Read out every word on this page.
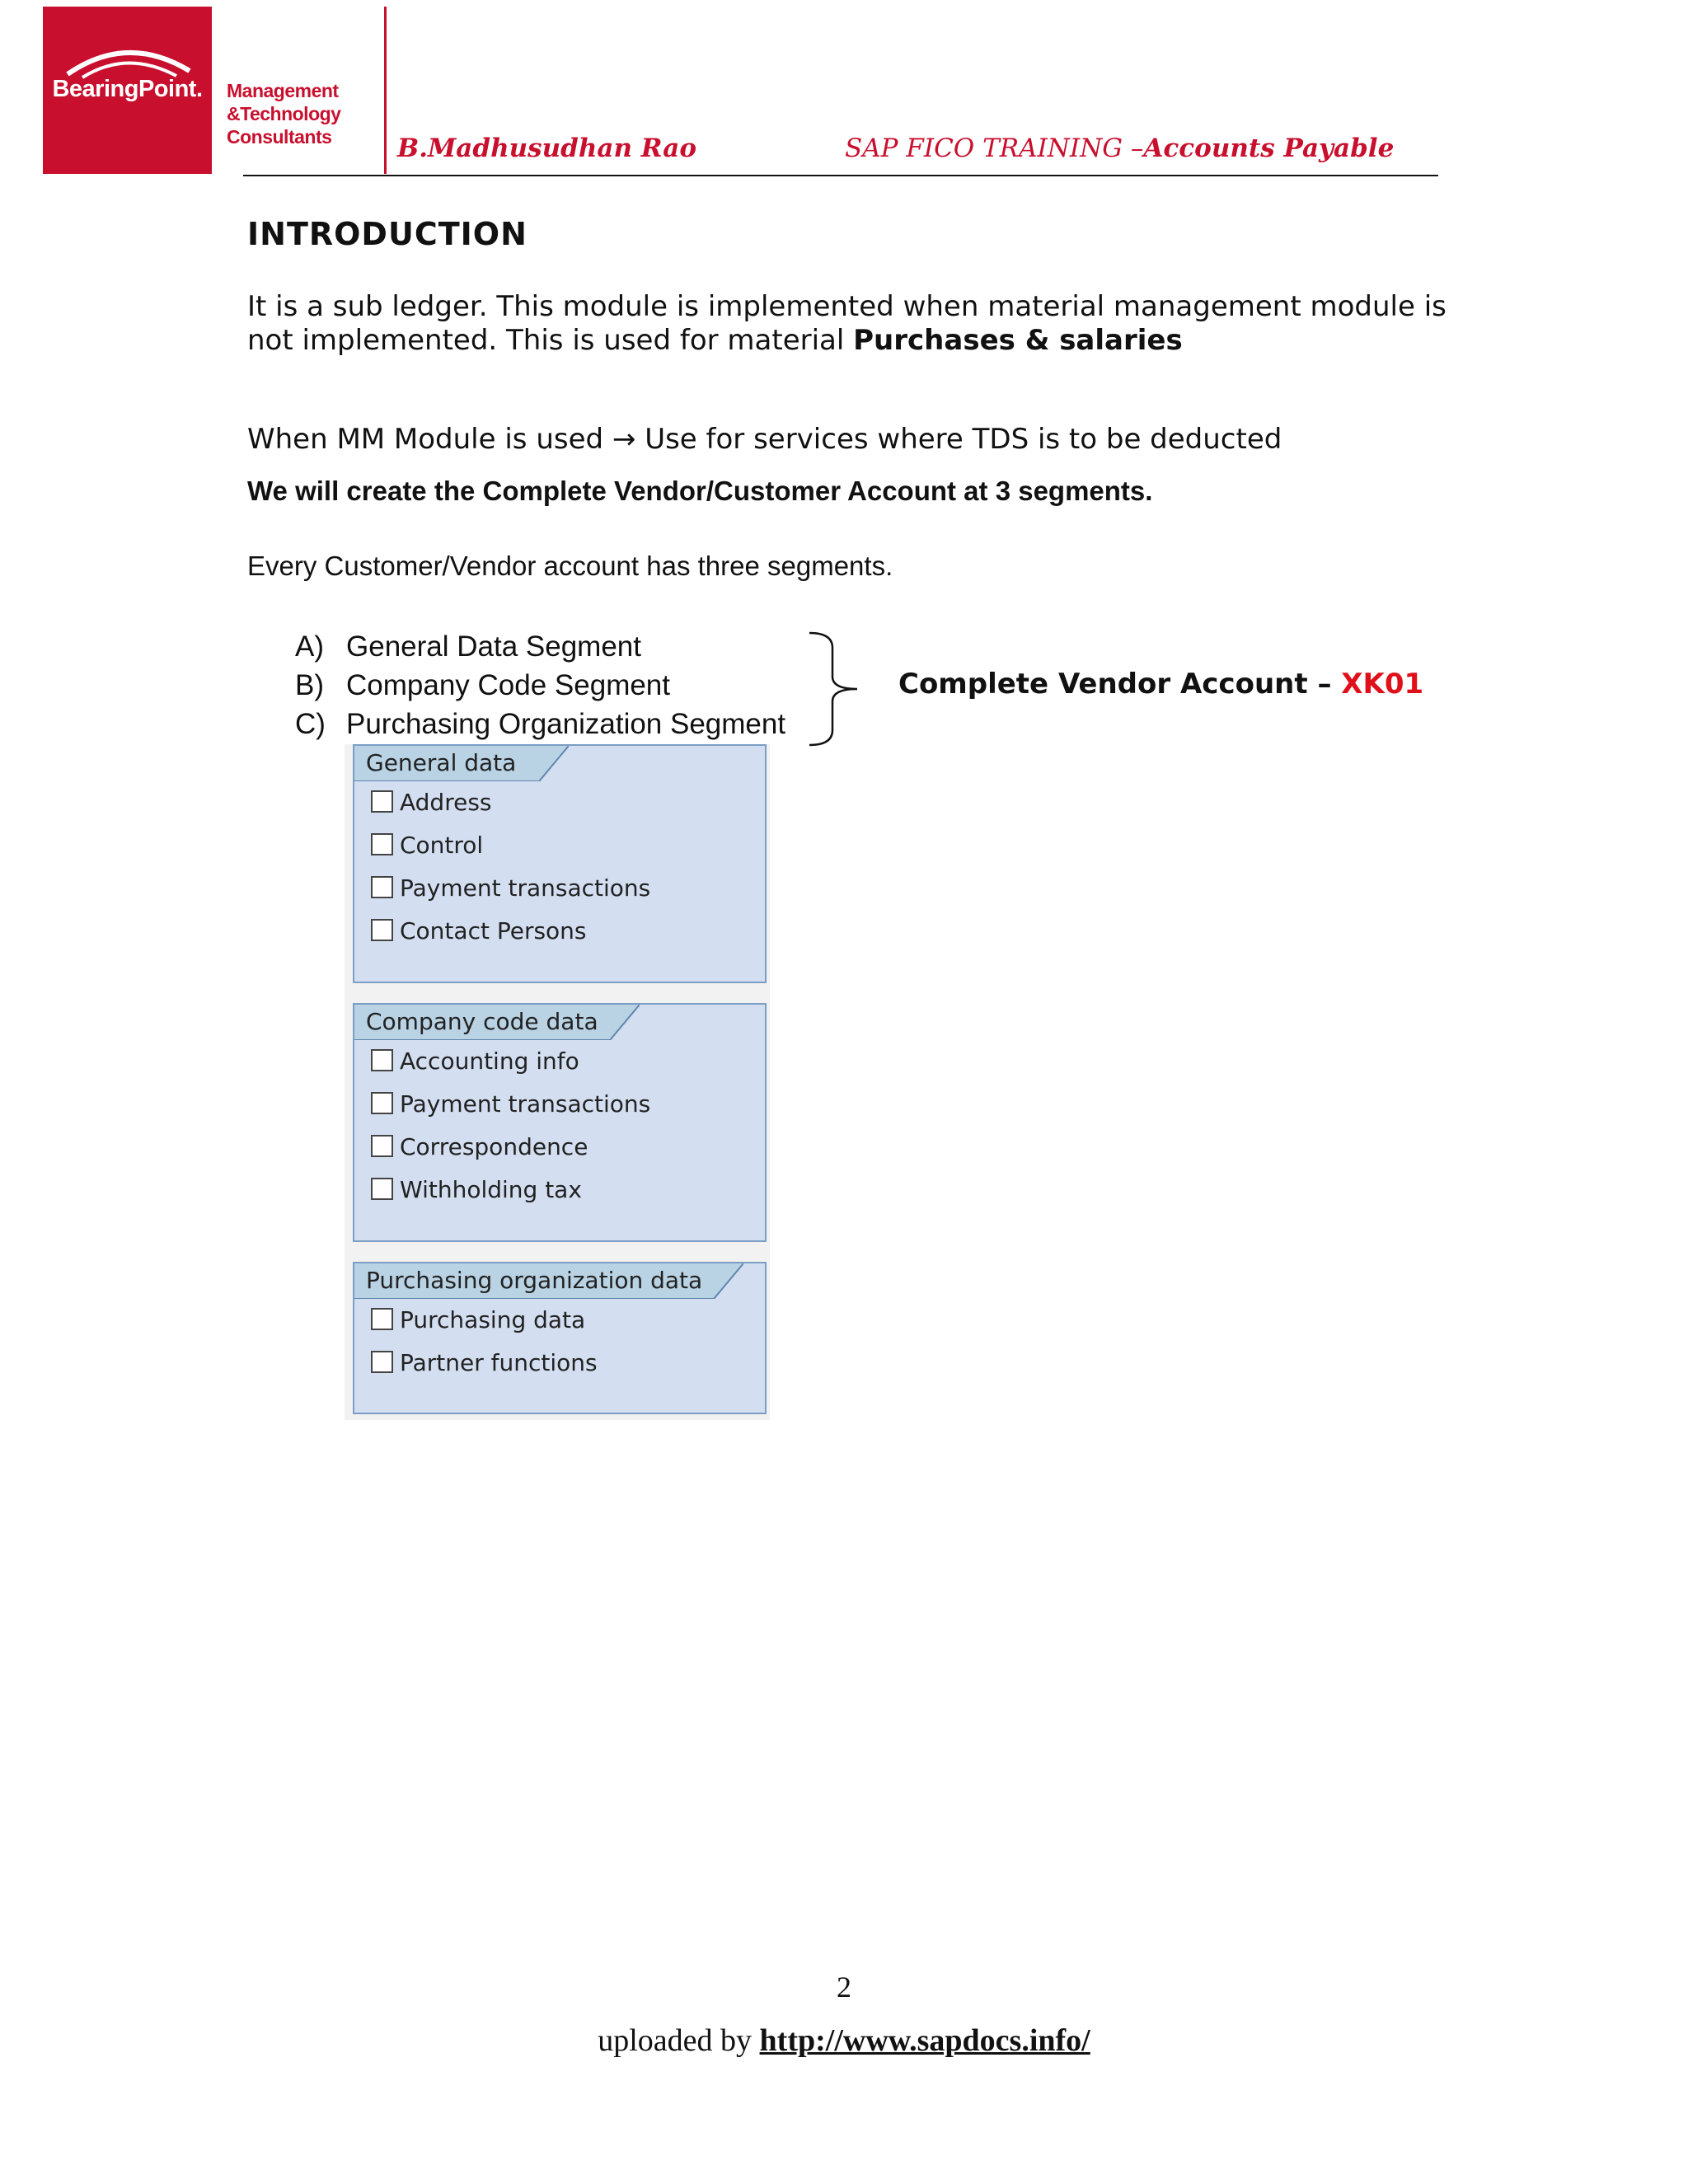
BearingPoint.	Management
&Technology
Consultants	B.Madhusudhan Rao	SAP FICO TRAINING –Accounts Payable
INTRODUCTION
It is a sub ledger. This module is implemented when material management module is not implemented. This is used for material Purchases & salaries
When MM Module is used → Use for services where TDS is to be deducted
We will create the Complete Vendor/Customer Account at 3 segments.
Every Customer/Vendor account has three segments.
A) General Data Segment
B) Company Code Segment
C) Purchasing Organization Segment
Complete Vendor Account – XK01
General data
Address
Control
Payment transactions
Contact Persons
Company code data
Accounting info
Payment transactions
Correspondence
Withholding tax
Purchasing organization data
Purchasing data
Partner functions
2
uploaded by http://www.sapdocs.info/
